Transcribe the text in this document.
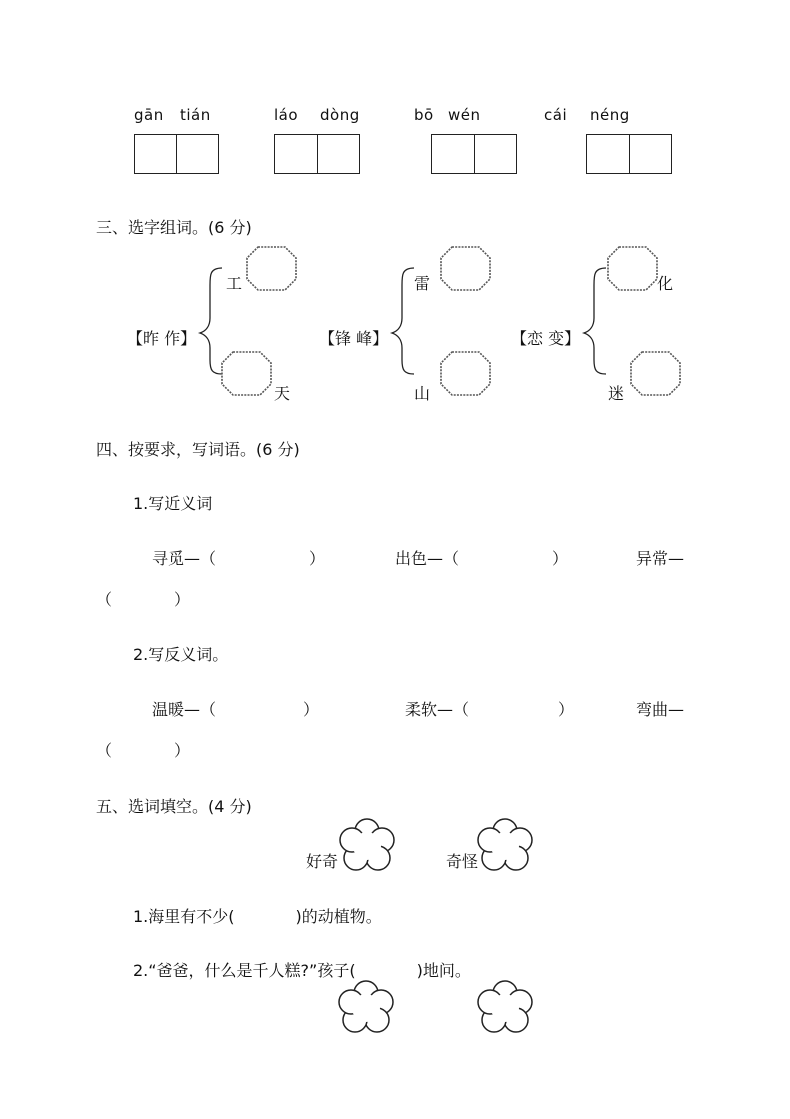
gān tián	láo dòng	bō wén	cái néng
三、选字组词。(6 分)
【昨 作】
工
天
【锋 峰】
雷
山
【恋 变】
化
迷
四、按要求，写词语。(6 分)
1.写近义词
寻觅—（	）	出色—（	）	异常—
（	）
2.写反义词。
温暖—（	）	柔软—（	）	弯曲—
（	）
五、选词填空。(4 分)
好奇	奇怪
1.海里有不少(            )的动植物。
2.“爸爸，什么是千人糕?”孩子(            )地问。
